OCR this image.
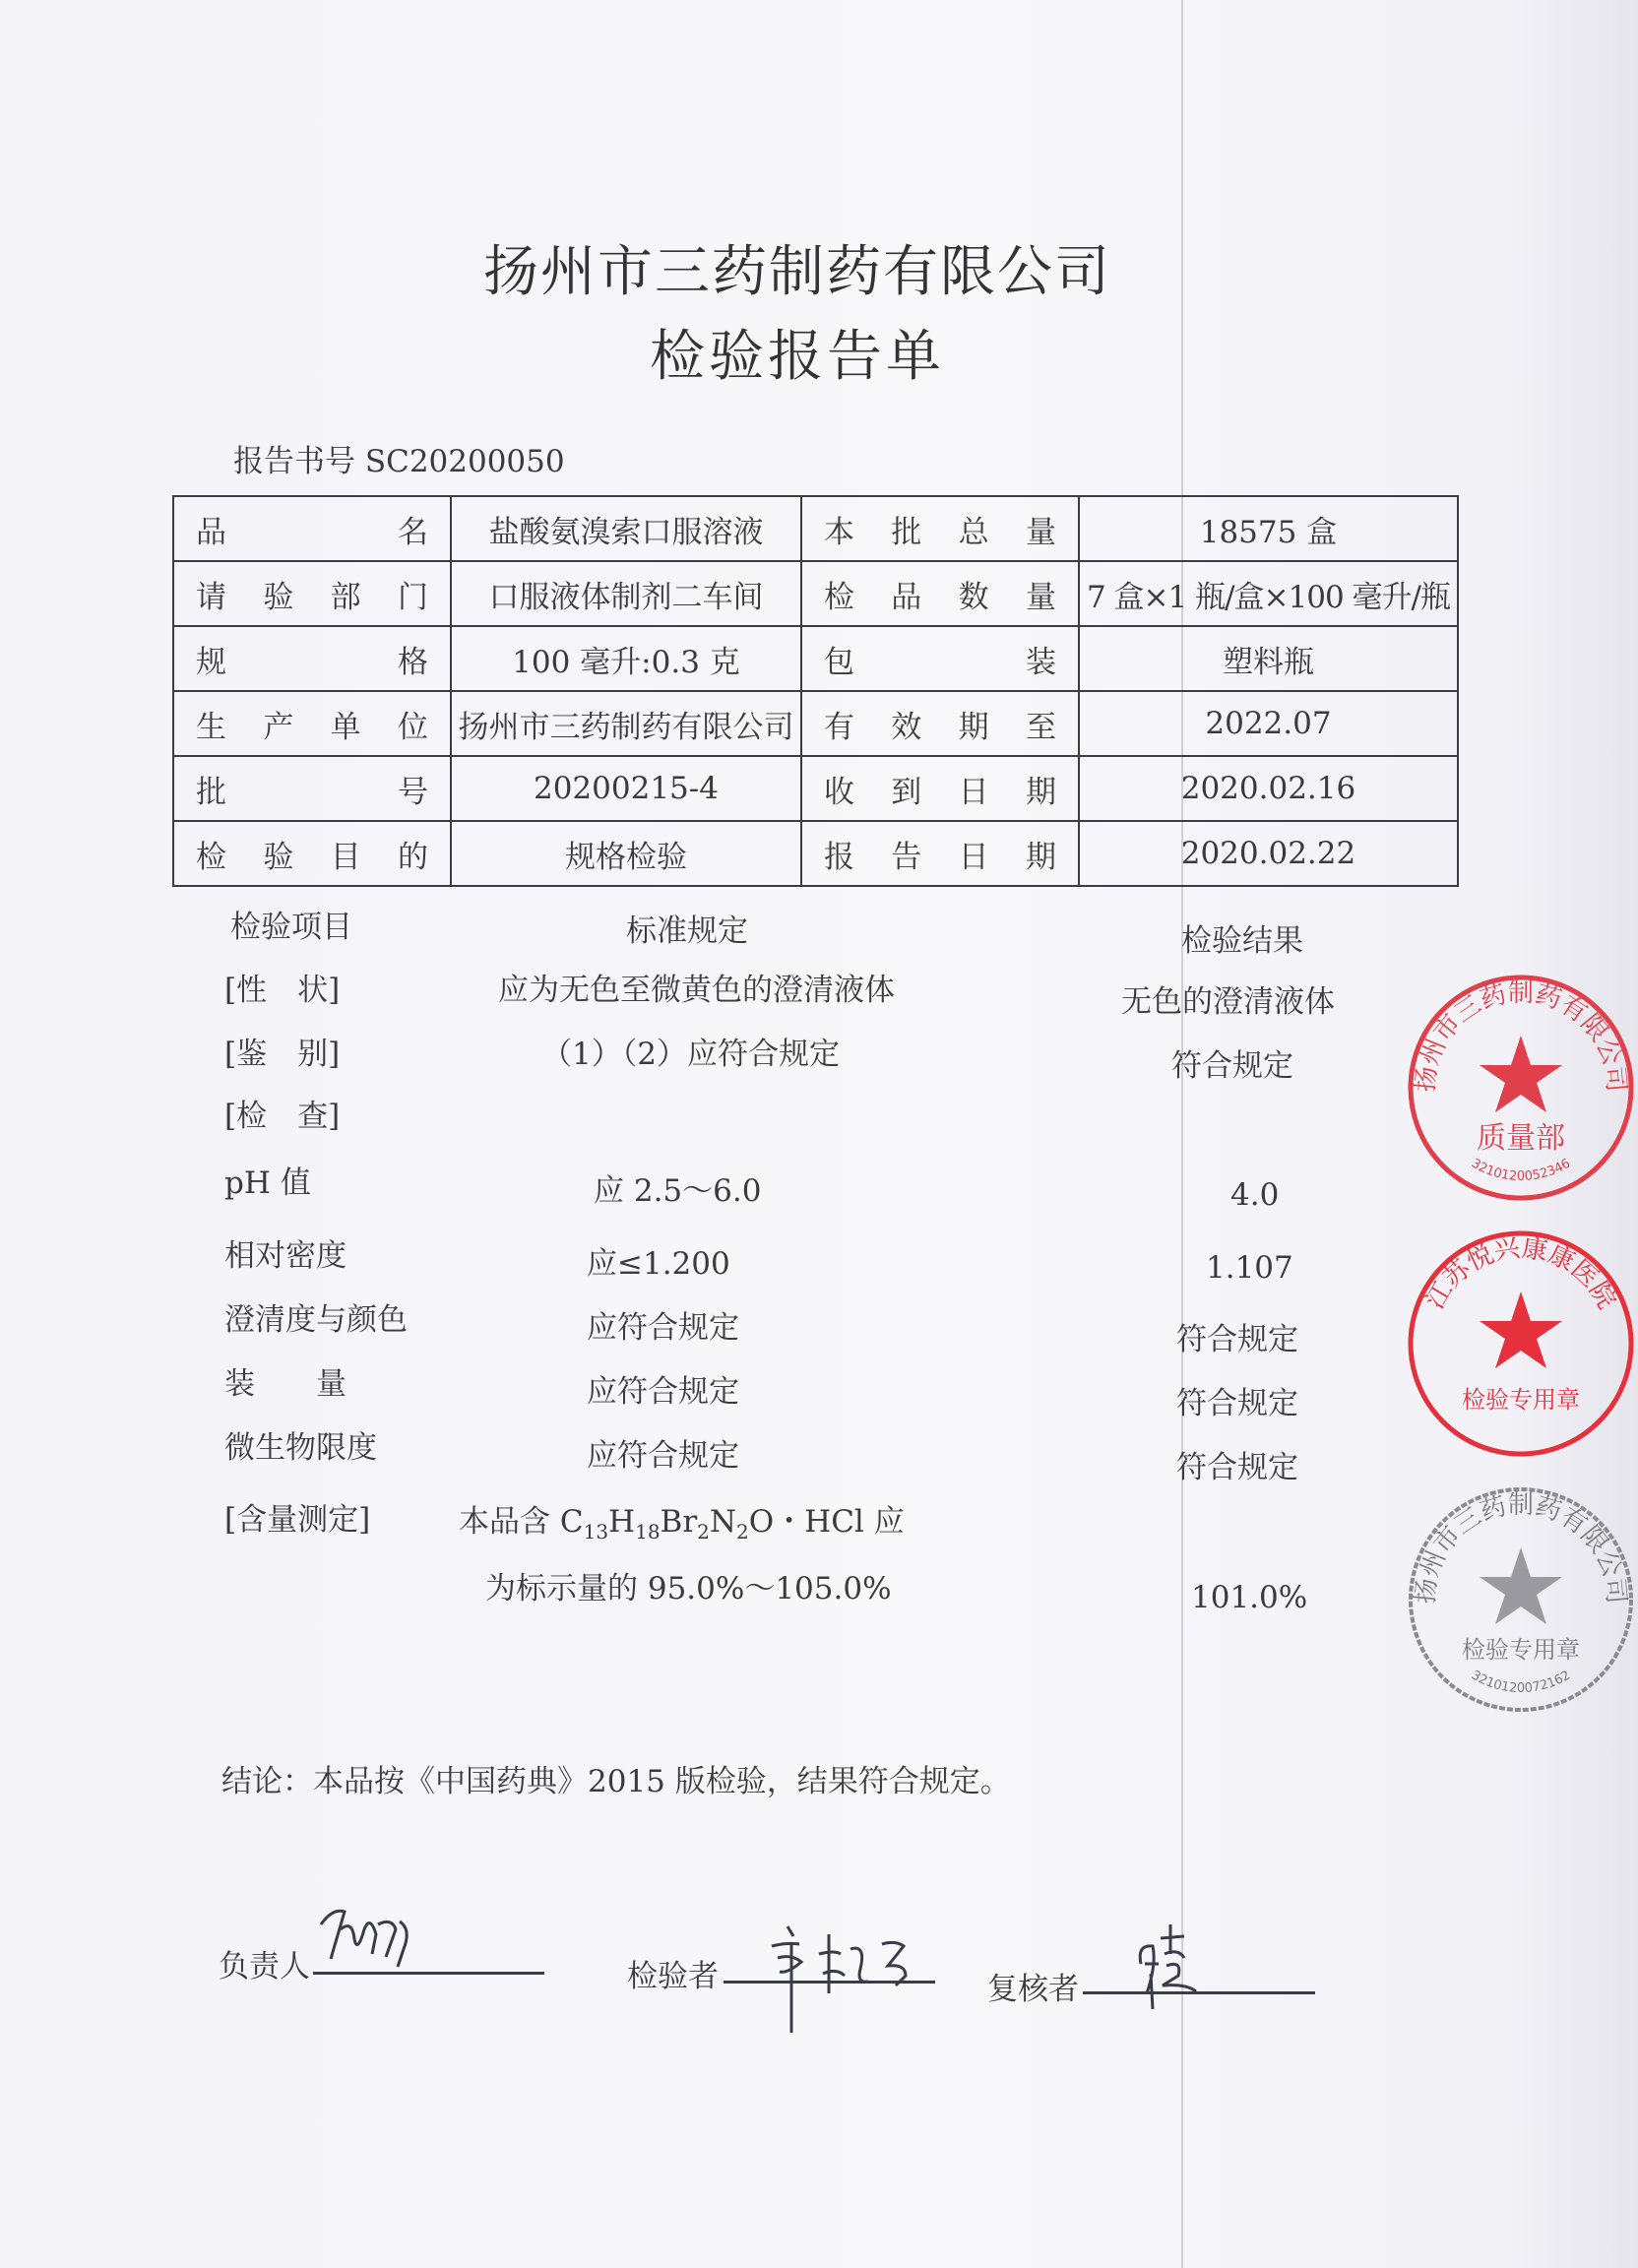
扬州市三药制药有限公司
检验报告单
报告书号 SC20200050
品名	盐酸氨溴索口服溶液	本批总量	18575 盒
请验部门	口服液体制剂二车间	检品数量	7 盒×1 瓶/盒×100 毫升/瓶
规格	100 毫升:0.3 克	包装	塑料瓶
生产单位	扬州市三药制药有限公司	有效期至	2022.07
批号	20200215-4	收到日期	2020.02.16
检验目的	规格检验	报告日期	2020.02.22
检验项目	标准规定	检验结果
[性　状]	应为无色至微黄色的澄清液体	无色的澄清液体
[鉴　别]	（1）（2）应符合规定	符合规定
[检　查]
pH 值	应 2.5～6.0	4.0
相对密度	应≤1.200	1.107
澄清度与颜色	应符合规定	符合规定
装　　量	应符合规定	符合规定
微生物限度	应符合规定	符合规定
[含量测定]	本品含 $C_{13}H_{18}Br_2N_2O$・HCl 应
为标示量的 95.0%～105.0%	101.0%
结论：本品按《中国药典》2015 版检验，结果符合规定。
负责人	检验者	复核者
扬州市三药制药有限公司
质量部
3210120052346
江苏悦兴康康医院
检验专用章
扬州市三药制药有限公司
检验专用章
3210120072162
